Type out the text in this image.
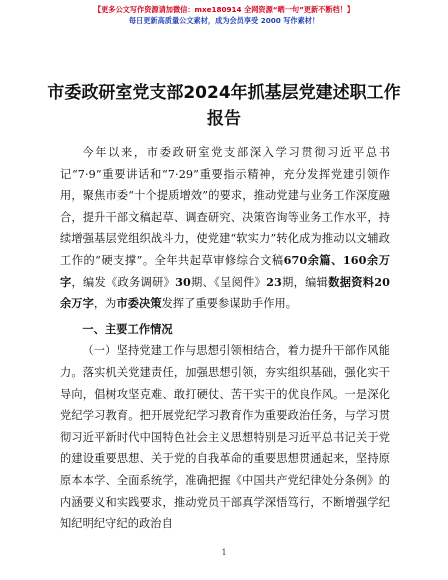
【更多公文写作资源请加微信：mxe180914 全网资源“晒一句”更新不断档！】
每日更新高质量公文素材，成为会员享受 2000 写作素材！
市委政研室党支部2024年抓基层党建述职工作报告

今年以来，市委政研室党支部深入学习贯彻习近平总书记“7·9”重要讲话和“7·29”重要指示精神，充分发挥党建引领作用，聚焦市委“十个提质增效”的要求，推动党建与业务工作深度融合，提升干部文稿起草、调查研究、决策咨询等业务工作水平，持续增强基层党组织战斗力，使党建“软实力”转化成为推动以文辅政工作的“硬支撑”。全年共起草审修综合文稿670余篇、160余万字，编发《政务调研》30期、《呈阅件》23期，编辑数据资料20余万字，为市委决策发挥了重要参谋助手作用。

一、主要工作情况

（一）坚持党建工作与思想引领相结合，着力提升干部作风能力。落实机关党建责任，加强思想引领，夯实组织基础，强化实干导向，倡树攻坚克难、敢打硬仗、苦干实干的优良作风。一是深化党纪学习教育。把开展党纪学习教育作为重要政治任务，与学习贯彻习近平新时代中国特色社会主义思想特别是习近平总书记关于党的建设重要思想、关于党的自我革命的重要思想贯通起来，坚持原原本本学、全面系统学，准确把握《中国共产党纪律处分条例》的内涵要义和实践要求，推动党员干部真学深悟笃行，不断增强学纪知纪明纪守纪的政治自

1
